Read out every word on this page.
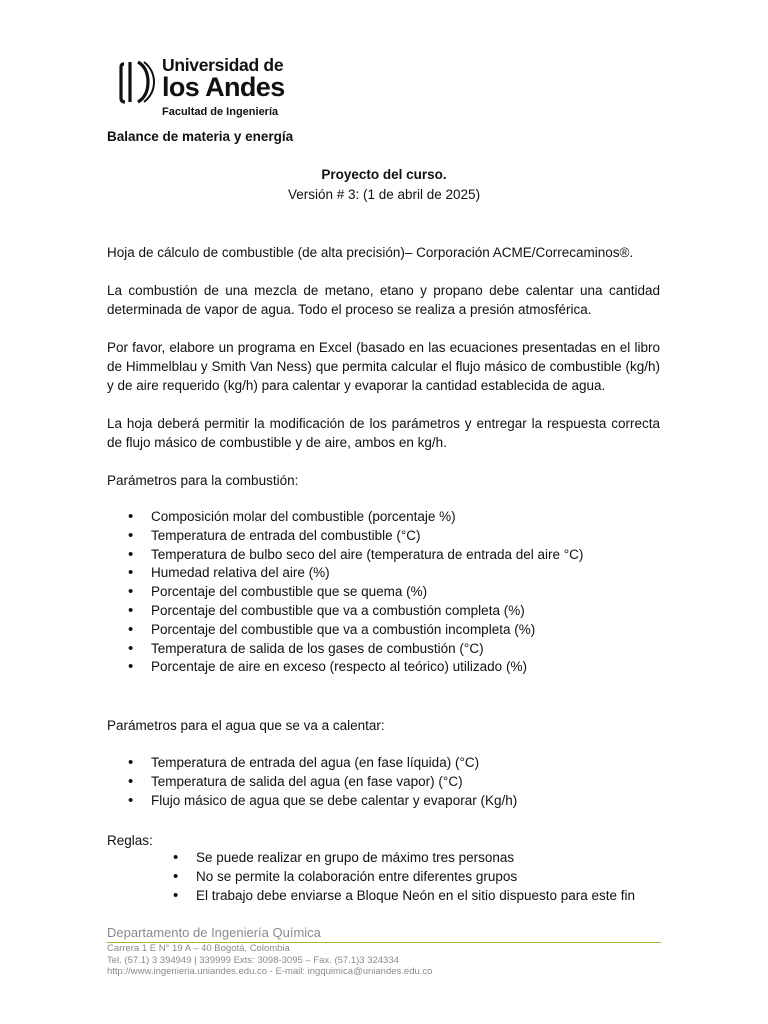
Universidad de
los Andes
Facultad de Ingeniería
Balance de materia y energía
Proyecto del curso.
Versión # 3: (1 de abril de 2025)
Hoja de cálculo de combustible (de alta precisión)– Corporación ACME/Correcaminos®.
La combustión de una mezcla de metano, etano y propano debe calentar una cantidad determinada de vapor de agua. Todo el proceso se realiza a presión atmosférica.
Por favor, elabore un programa en Excel (basado en las ecuaciones presentadas en el libro de Himmelblau y Smith Van Ness) que permita calcular el flujo másico de combustible (kg/h) y de aire requerido (kg/h) para calentar y evaporar la cantidad establecida de agua.
La hoja deberá permitir la modificación de los parámetros y entregar la respuesta correcta de flujo másico de combustible y de aire, ambos en kg/h.
Parámetros para la combustión:
• Composición molar del combustible (porcentaje %)
• Temperatura de entrada del combustible (°C)
• Temperatura de bulbo seco del aire (temperatura de entrada del aire °C)
• Humedad relativa del aire (%)
• Porcentaje del combustible que se quema (%)
• Porcentaje del combustible que va a combustión completa (%)
• Porcentaje del combustible que va a combustión incompleta (%)
• Temperatura de salida de los gases de combustión (°C)
• Porcentaje de aire en exceso (respecto al teórico) utilizado (%)
Parámetros para el agua que se va a calentar:
• Temperatura de entrada del agua (en fase líquida) (°C)
• Temperatura de salida del agua (en fase vapor) (°C)
• Flujo másico de agua que se debe calentar y evaporar (Kg/h)
Reglas:
• Se puede realizar en grupo de máximo tres personas
• No se permite la colaboración entre diferentes grupos
• El trabajo debe enviarse a Bloque Neón en el sitio dispuesto para este fin
Departamento de Ingeniería Química
Carrera 1 E N° 19 A – 40 Bogotá, Colombia
Tel. (57.1) 3 394949 | 339999 Exts: 3098-3095 – Fax. (57.1)3 324334
http://www.ingenieria.uniandes.edu.co - E-mail: ingquimica@uniandes.edu.co
